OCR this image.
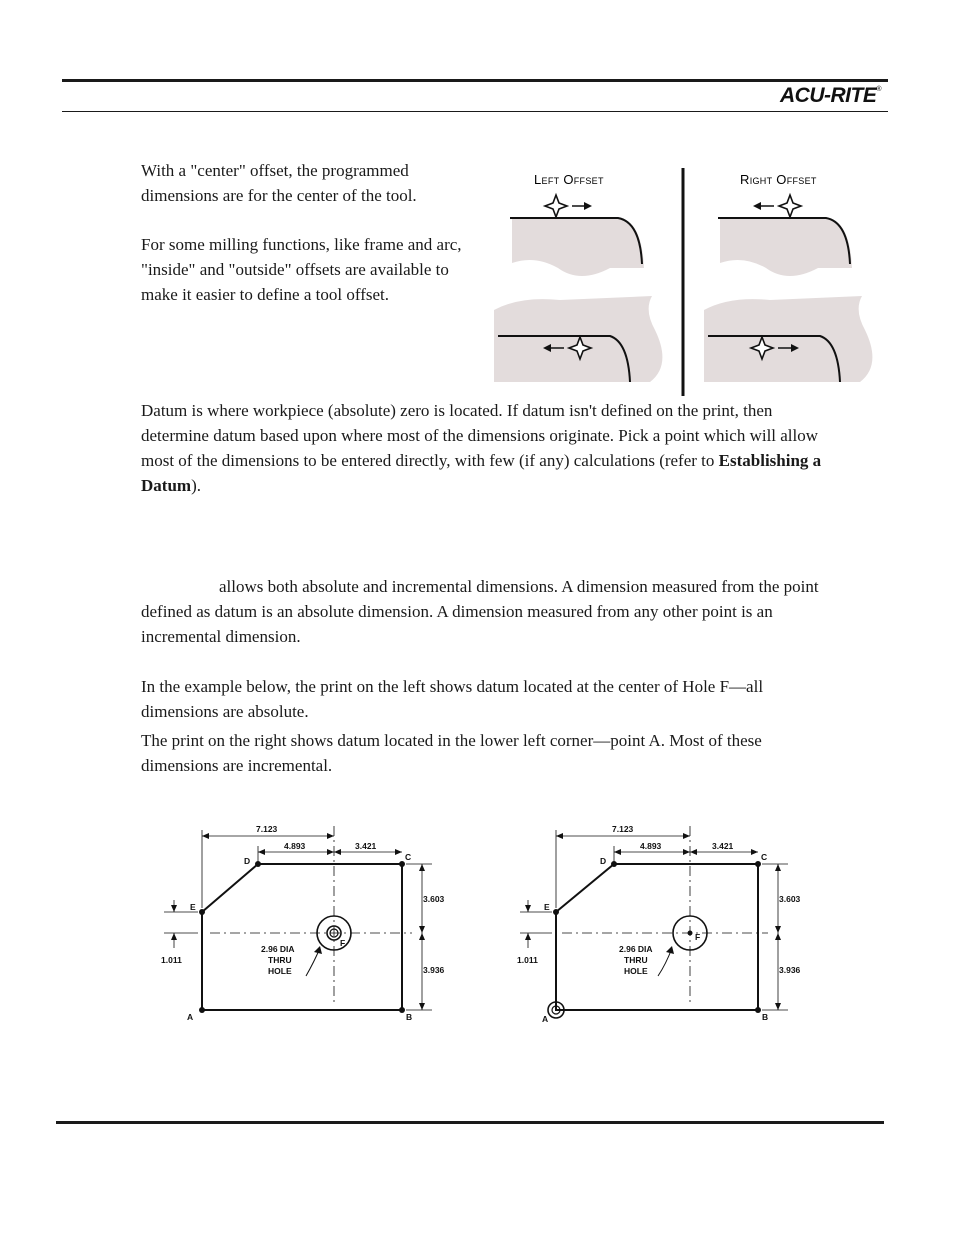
ACU-RITE®

With a "center" offset, the programmed dimensions are for the center of the tool.

For some milling functions, like frame and arc, "inside" and "outside" offsets are available to make it easier to define a tool offset.

Left Offset	Right Offset

Datum is where workpiece (absolute) zero is located. If datum isn't defined on the print, then determine datum based upon where most of the dimensions originate. Pick a point which will allow most of the dimensions to be entered directly, with few (if any) calculations (refer to Establishing a Datum).

allows both absolute and incremental dimensions. A dimension measured from the point defined as datum is an absolute dimension. A dimension measured from any other point is an incremental dimension.

In the example below, the print on the left shows datum located at the center of Hole F—all dimensions are absolute.

The print on the right shows datum located in the lower left corner—point A. Most of these dimensions are incremental.

7.123
4.893	3.421
3.603
3.936
1.011
2.96 DIA
THRU
HOLE
A	B
C
D
E
F
7.123
4.893	3.421
3.603
3.936
1.011
2.96 DIA
THRU
HOLE
A	B
C
D
E
F
